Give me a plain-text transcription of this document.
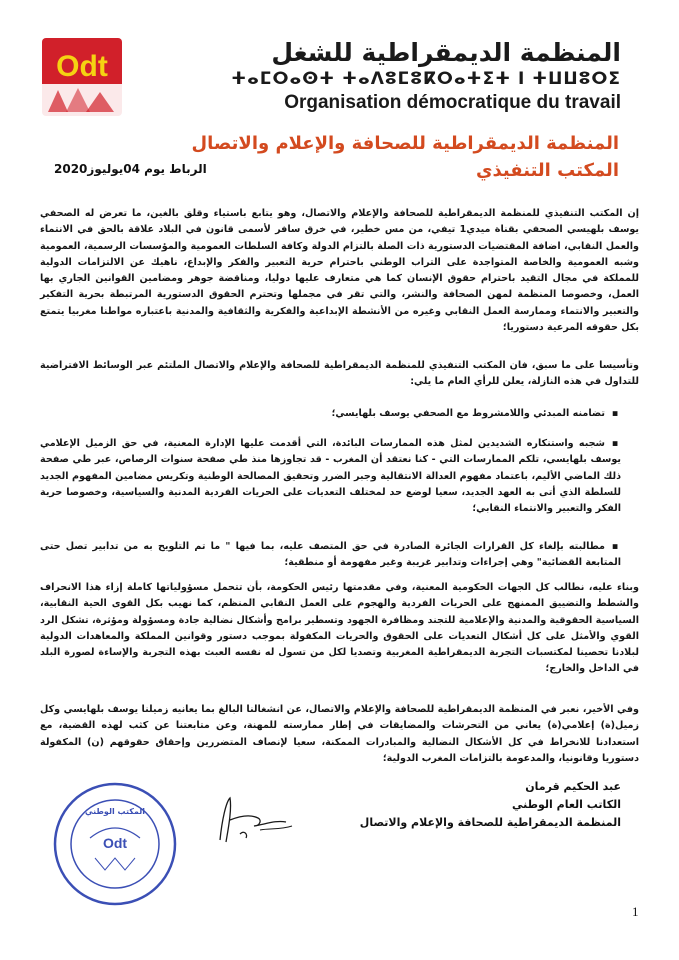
Odt	المنظمة الديمقراطية للشغل
ⵜⴰⵎⵔⴰⵙⵜ ⵜⴰⴷⵓⵎⵓⴽⵔⴰⵜⵉⵜ ⵏ ⵜⵡⵡⵓⵔⵉ
Organisation démocratique du travail
المنظمة الديمقراطية للصحافة والإعلام والاتصال
المكتب التنفيذي
الرباط يوم 04يوليوز2020
إن المكتب التنفيذي للمنظمة الديمقراطية للصحافة والإعلام والاتصال، وهو يتابع باستياء وقلق بالغين، ما تعرض له الصحفي يوسف بلهيسي الصحفي بقناة ميدي1 تيفي، من مس خطير، في خرق سافر لأسمى قانون في البلاد علاقة بالحق في الانتماء والعمل النقابي، اضافة المقتضيات الدستورية ذات الصلة بالتزام الدولة وكافة السلطات العمومية والمؤسسات الرسمية، العمومية وشبه العمومية والخاصة المتواجدة على التراب الوطني باحترام حرية التعبير والفكر والإبداع، ناهيك عن الالتزامات الدولية للمملكة في مجال التقيد باحترام حقوق الإنسان كما هي متعارف عليها دوليا، ومناقضة جوهر ومضامين القوانين الجاري بها العمل، وخصوصا المنظمة لمهن الصحافة والنشر، والتي تقر في مجملها وتحترم الحقوق الدستورية المرتبطة بحرية التفكير والتعبير والانتماء وممارسة العمل النقابي وغيره من الأنشطة الإبداعية والفكرية والثقافية والمدنية باعتباره مواطنا مغربيا يتمتع بكل حقوقه المرعية دستوريا؛
وتأسيسا على ما سبق، فان المكتب التنفيذي للمنظمة الديمقراطية للصحافة والإعلام والاتصال الملتئم عبر الوسائط الافتراضية للتداول في هذه النازلة، يعلن للرأي العام ما يلي:
▪تضامنه المبدئي واللامشروط مع الصحفي يوسف بلهايسي؛
▪شجبه واستنكاره الشديدين لمثل هذه الممارسات البائدة، التي أقدمت عليها الإدارة المعنية، في حق الزميل الإعلامي يوسف بلهايسي، تلكم الممارسات التي - كنا نعتقد أن المغرب - قد تجاوزها منذ طي صفحة سنوات الرصاص، عبر طي صفحة ذلك الماضي الأليم، باعتماد مفهوم العدالة الانتقالية وجبر الضرر وتحقيق المصالحة الوطنية وتكريس مضامين المفهوم الجديد للسلطة الذي أتى به العهد الجديد، سعيا لوضع حد لمختلف التعديات على الحريات الفردية المدنية والسياسية، وخصوصا حرية الفكر والتعبير والانتماء النقابي؛
▪مطالبته بإلغاء كل القرارات الجائرة الصادرة في حق المتصف عليه، بما فيها " ما تم التلويح به من تدابير تصل حتى المتابعة القضائية" وهي إجراءات وتدابير غريبة وغير مفهومة أو منطقية؛
وبناء عليه، نطالب كل الجهات الحكومية المعنية، وفي مقدمتها رئيس الحكومة، بأن تتحمل مسؤولياتها كاملة إزاء هذا الانحراف والشطط والتضييق الممنهج على الحريات الفردية والهجوم على العمل النقابي المنظم، كما نهيب بكل القوى الحية النقابية، السياسية الحقوقية والمدنية والإعلامية للتجند ومظافرة الجهود وتسطير برامج وأشكال نضالية جادة ومسؤولة ومؤثرة، تشكل الرد القوي والأمثل على كل أشكال التعديات على الحقوق والحريات المكفولة بموجب دستور وقوانين المملكة والمعاهدات الدولية لبلادنا تحصينا لمكتسبات التجربة الديمقراطية المغربية وتصديا لكل من تسول له نفسه العبث بهذه التجربة والإساءة لصورة البلد في الداخل والخارج؛
وفي الأخير، نعبر في المنظمة الديمقراطية للصحافة والإعلام والاتصال، عن انشغالنا البالغ بما يعانيه زميلنا يوسف بلهايسي وكل زميل(ة) إعلامي(ة) يعاني من التحرشات والمضايقات في إطار ممارسته للمهنة، وعن متابعتنا عن كثب لهذه القضية، مع استعدادنا للانخراط في كل الأشكال النضالية والمبادرات الممكنة، سعيا لإنصاف المتضررين وإحقاق حقوقهم (ن) المكفولة دستوريا وقانونيا، والمدعومة بالتزامات المغرب الدولية؛
عبد الحكيم قرمان
الكاتب العام الوطني
المنظمة الديمقراطية للصحافة والإعلام والاتصال
Odt
المكتب الوطني
1
